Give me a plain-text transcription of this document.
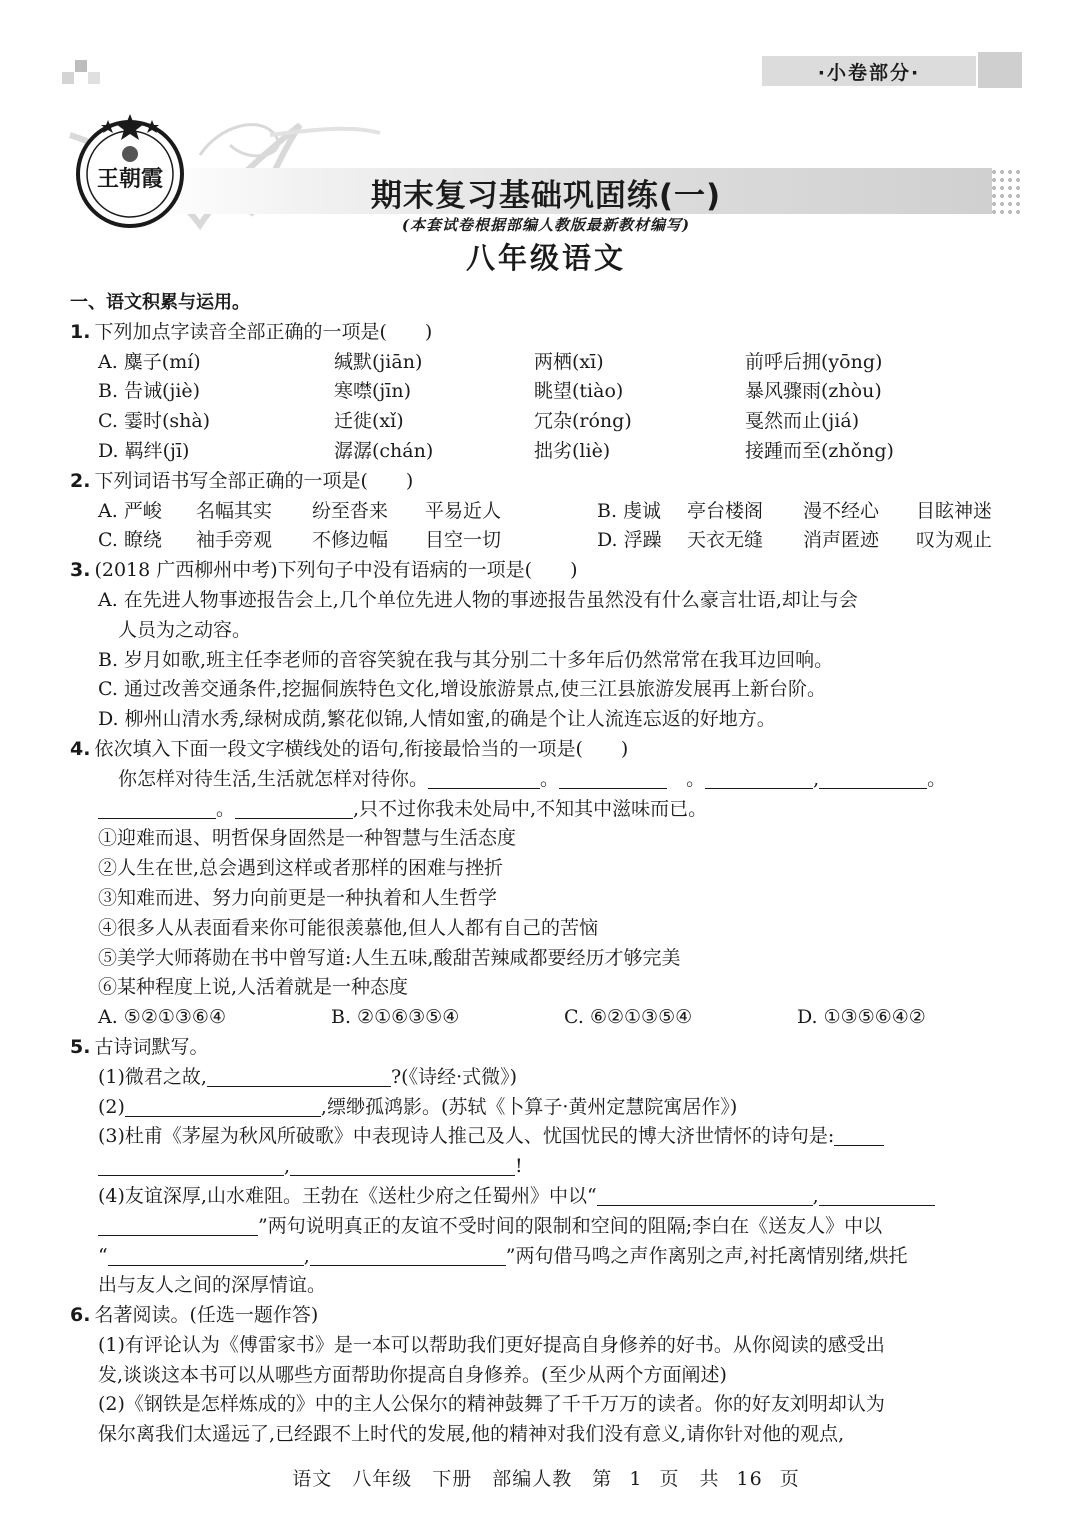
·小卷部分·
王朝霞	期末复习基础巩固练(一)
(本套试卷根据部编人教版最新教材编写)
八年级语文
一、语文积累与运用。
1. 下列加点字读音全部正确的一项是(　　)
A. 麋子(mí)	缄默(jiān)	两栖(xī)	前呼后拥(yōng)
B. 告诫(jiè)	寒噤(jīn)	眺望(tiào)	暴风骤雨(zhòu)
C. 霎时(shà)	迁徙(xǐ)	冗杂(róng)	戛然而止(jiá)
D. 羁绊(jī)	潺潺(chán)	拙劣(liè)	接踵而至(zhǒng)
2. 下列词语书写全部正确的一项是(　　)
A. 严峻 名幅其实 纷至沓来 平易近人	B. 虔诚 亭台楼阁 漫不经心 目眩神迷
C. 瞭绕 袖手旁观 不修边幅 目空一切	D. 浮躁 天衣无缝 消声匿迹 叹为观止
3. (2018 广西柳州中考)下列句子中没有语病的一项是(　　)
A. 在先进人物事迹报告会上,几个单位先进人物的事迹报告虽然没有什么豪言壮语,却让与会
人员为之动容。
B. 岁月如歌,班主任李老师的音容笑貌在我与其分别二十多年后仍然常常在我耳边回响。
C. 通过改善交通条件,挖掘侗族特色文化,增设旅游景点,使三江县旅游发展再上新台阶。
D. 柳州山清水秀,绿树成荫,繁花似锦,人情如蜜,的确是个让人流连忘返的好地方。
4. 依次填入下面一段文字横线处的语句,衔接最恰当的一项是(　　)
你怎样对待生活,生活就怎样对待你。	。	　。	,	。
。	,只不过你我未处局中,不知其中滋味而已。
①迎难而退、明哲保身固然是一种智慧与生活态度
②人生在世,总会遇到这样或者那样的困难与挫折
③知难而进、努力向前更是一种执着和人生哲学
④很多人从表面看来你可能很羡慕他,但人人都有自己的苦恼
⑤美学大师蒋勋在书中曾写道:人生五味,酸甜苦辣咸都要经历才够完美
⑥某种程度上说,人活着就是一种态度
A. ⑤②①③⑥④	B. ②①⑥③⑤④	C. ⑥②①③⑤④	D. ①③⑤⑥④②
5. 古诗词默写。
(1)微君之故,	?(《诗经·式微》)
(2)	,缥缈孤鸿影。(苏轼《卜算子·黄州定慧院寓居作》)
(3)杜甫《茅屋为秋风所破歌》中表现诗人推己及人、忧国忧民的博大济世情怀的诗句是:
,	!
(4)友谊深厚,山水难阻。王勃在《送杜少府之任蜀州》中以“	,
”两句说明真正的友谊不受时间的限制和空间的阻隔;李白在《送友人》中以
“	,	”两句借马鸣之声作离别之声,衬托离情别绪,烘托
出与友人之间的深厚情谊。
6. 名著阅读。(任选一题作答)
(1)有评论认为《傅雷家书》是一本可以帮助我们更好提高自身修养的好书。从你阅读的感受出
发,谈谈这本书可以从哪些方面帮助你提高自身修养。(至少从两个方面阐述)
(2)《钢铁是怎样炼成的》中的主人公保尔的精神鼓舞了千千万万的读者。你的好友刘明却认为
保尔离我们太遥远了,已经跟不上时代的发展,他的精神对我们没有意义,请你针对他的观点,
语文　八年级　下册　部编人教　第 1 页　共 16 页
